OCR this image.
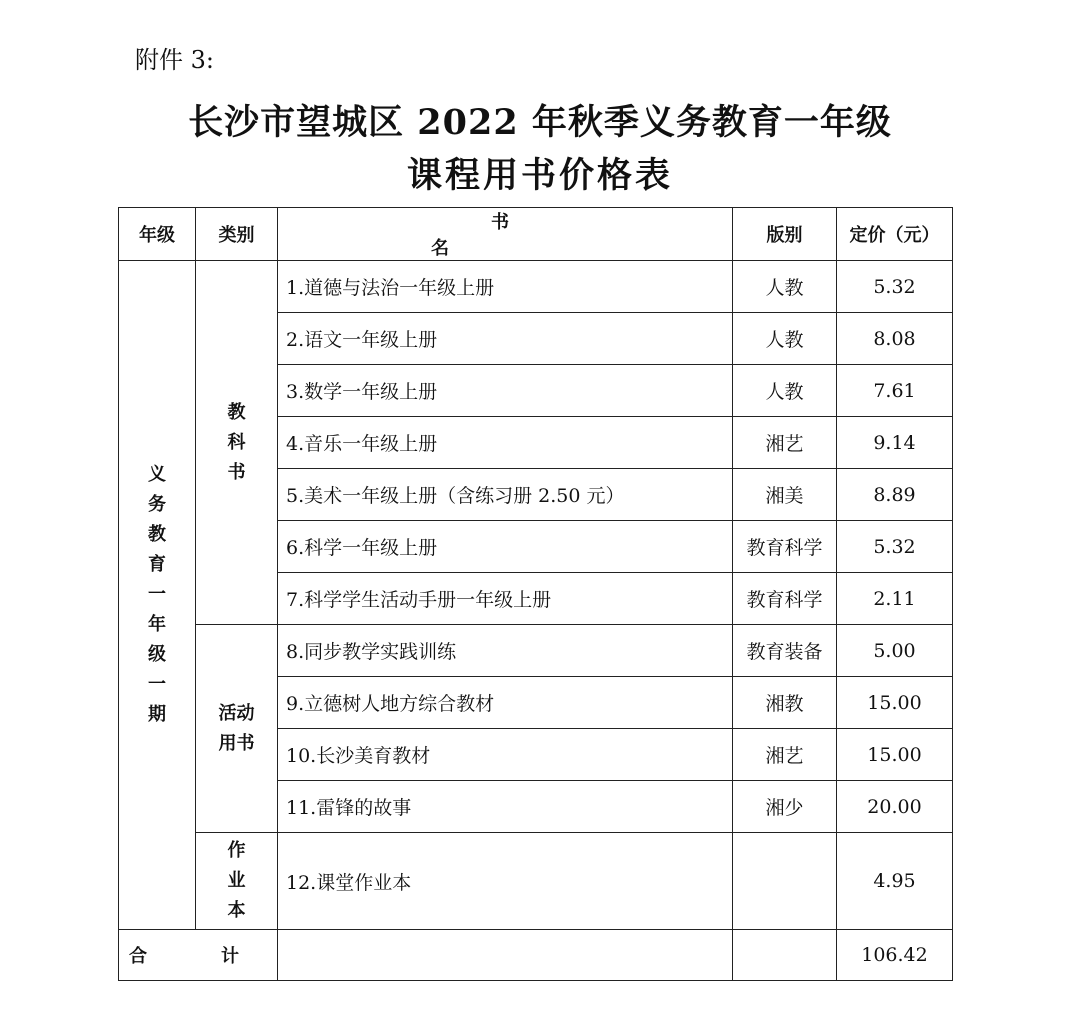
附件 3:
长沙市望城区 2022 年秋季义务教育一年级
课程用书价格表
年级	类别	书　名	版别	定价（元）
义务教育一年级一期	教科书	1.道德与法治一年级上册	人教	5.32
		2.语文一年级上册	人教	8.08
		3.数学一年级上册	人教	7.61
		4.音乐一年级上册	湘艺	9.14
		5.美术一年级上册（含练习册 2.50 元）	湘美	8.89
		6.科学一年级上册	教育科学	5.32
		7.科学学生活动手册一年级上册	教育科学	2.11
	活动用书	8.同步教学实践训练	教育装备	5.00
		9.立德树人地方综合教材	湘教	15.00
		10.长沙美育教材	湘艺	15.00
		11.雷锋的故事	湘少	20.00
	作业本	12.课堂作业本		4.95
合　计				106.42
